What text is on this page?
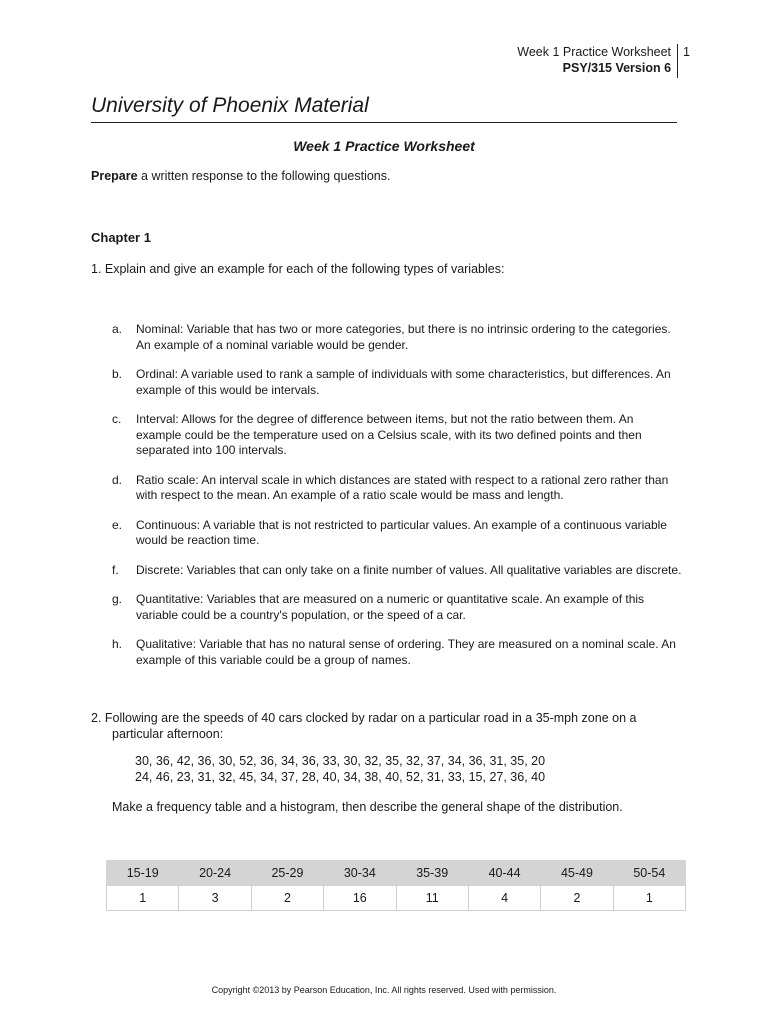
Week 1 Practice Worksheet
PSY/315 Version 6
1
University of Phoenix Material
Week 1 Practice Worksheet
Prepare a written response to the following questions.
Chapter 1
1. Explain and give an example for each of the following types of variables:
a.	Nominal: Variable that has two or more categories, but there is no intrinsic ordering to the categories. An example of a nominal variable would be gender.
b.	Ordinal: A variable used to rank a sample of individuals with some characteristics, but differences. An example of this would be intervals.
c.	Interval: Allows for the degree of difference between items, but not the ratio between them. An example could be the temperature used on a Celsius scale, with its two defined points and then separated into 100 intervals.
d.	Ratio scale: An interval scale in which distances are stated with respect to a rational zero rather than with respect to the mean. An example of a ratio scale would be mass and length.
e.	Continuous: A variable that is not restricted to particular values. An example of a continuous variable would be reaction time.
f.	Discrete: Variables that can only take on a finite number of values. All qualitative variables are discrete.
g.	Quantitative: Variables that are measured on a numeric or quantitative scale. An example of this variable could be a country's population, or the speed of a car.
h.	Qualitative: Variable that has no natural sense of ordering. They are measured on a nominal scale. An example of this variable could be a group of names.
2. Following are the speeds of 40 cars clocked by radar on a particular road in a 35-mph zone on a
particular afternoon:
30, 36, 42, 36, 30, 52, 36, 34, 36, 33, 30, 32, 35, 32, 37, 34, 36, 31, 35, 20
24, 46, 23, 31, 32, 45, 34, 37, 28, 40, 34, 38, 40, 52, 31, 33, 15, 27, 36, 40
Make a frequency table and a histogram, then describe the general shape of the distribution.
15-19	20-24	25-29	30-34	35-39	40-44	45-49	50-54
1	3	2	16	11	4	2	1
Copyright ©2013 by Pearson Education, Inc. All rights reserved. Used with permission.
